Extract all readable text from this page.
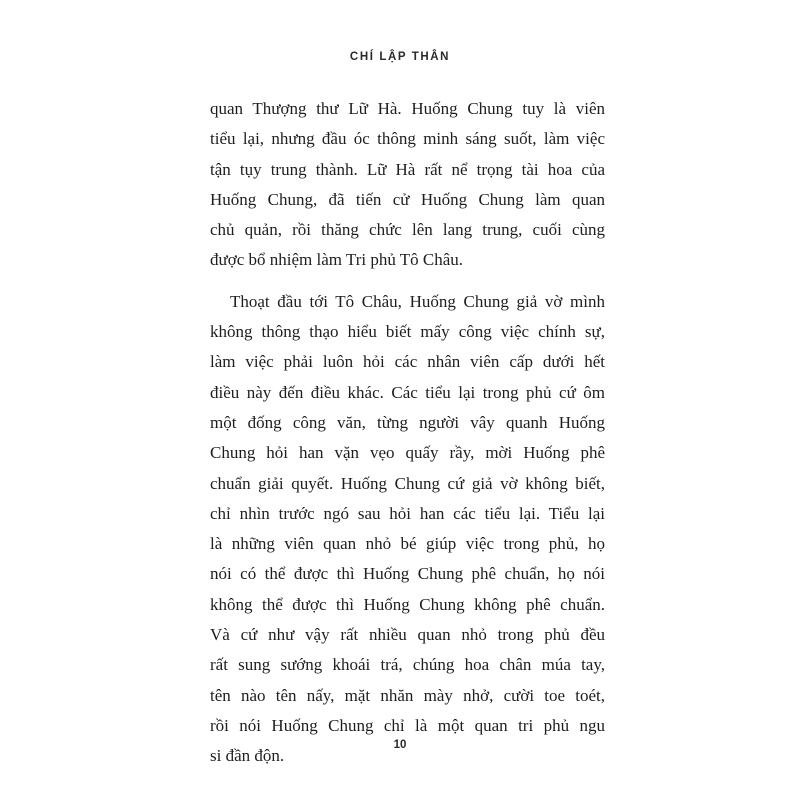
CHÍ LẬP THÂN
quan Thượng thư Lữ Hà. Huống Chung tuy là viên
tiểu lại, nhưng đầu óc thông minh sáng suốt, làm việc
tận tụy trung thành. Lữ Hà rất nể trọng tài hoa của
Huống Chung, đã tiến cử Huống Chung làm quan
chủ quản, rồi thăng chức lên lang trung, cuối cùng
được bổ nhiệm làm Tri phủ Tô Châu.
Thoạt đầu tới Tô Châu, Huống Chung giả vờ mình
không thông thạo hiểu biết mấy công việc chính sự,
làm việc phải luôn hỏi các nhân viên cấp dưới hết
điều này đến điều khác. Các tiểu lại trong phủ cứ ôm
một đống công văn, từng người vây quanh Huống
Chung hỏi han vặn vẹo quấy rầy, mời Huống phê
chuẩn giải quyết. Huống Chung cứ giả vờ không biết,
chỉ nhìn trước ngó sau hỏi han các tiểu lại. Tiểu lại
là những viên quan nhỏ bé giúp việc trong phủ, họ
nói có thể được thì Huống Chung phê chuẩn, họ nói
không thể được thì Huống Chung không phê chuẩn.
Và cứ như vậy rất nhiều quan nhỏ trong phủ đều
rất sung sướng khoái trá, chúng hoa chân múa tay,
tên nào tên nấy, mặt nhăn mày nhở, cười toe toét,
rồi nói Huống Chung chỉ là một quan tri phủ ngu
si đần độn.
10
